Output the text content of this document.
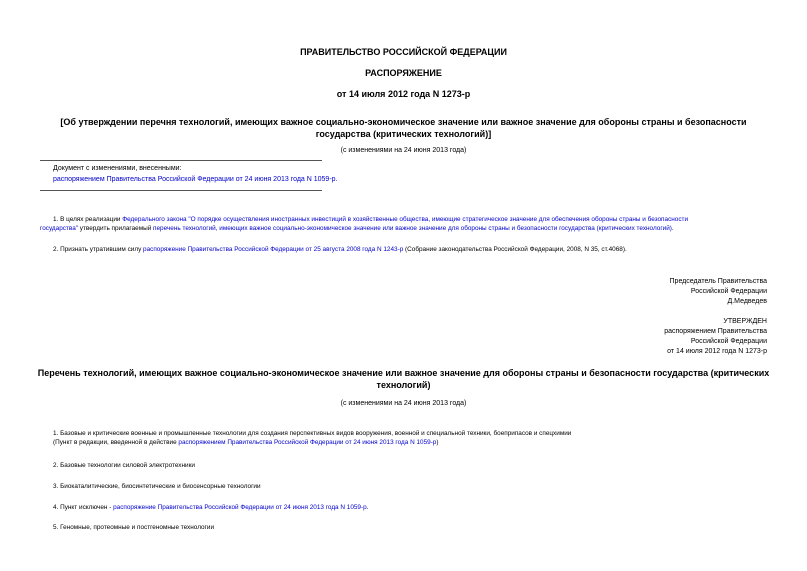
ПРАВИТЕЛЬСТВО РОССИЙСКОЙ ФЕДЕРАЦИИ
РАСПОРЯЖЕНИЕ
от 14 июля 2012 года N 1273-р
[Об утверждении перечня технологий, имеющих важное социально-экономическое значение или важное значение для обороны страны и безопасности
государства (критических технологий)]
(с изменениями на 24 июня 2013 года)
Документ с изменениями, внесенными:
распоряжением Правительства Российской Федерации от 24 июня 2013 года N 1059-р.
1. В целях реализации Федерального закона "О порядке осуществления иностранных инвестиций в хозяйственные общества, имеющие стратегическое значение для обеспечения обороны страны и безопасности
государства" утвердить прилагаемый перечень технологий, имеющих важное социально-экономическое значение или важное значение для обороны страны и безопасности государства (критических технологий).
2. Признать утратившим силу распоряжение Правительства Российской Федерации от 25 августа 2008 года N 1243-р (Собрание законодательства Российской Федерации, 2008, N 35, ст.4068).
Председатель Правительства
Российской Федерации
Д.Медведев
УТВЕРЖДЕН
распоряжением Правительства
Российской Федерации
от 14 июля 2012 года N 1273-р
Перечень технологий, имеющих важное социально-экономическое значение или важное значение для обороны страны и безопасности государства (критических
технологий)
(с изменениями на 24 июня 2013 года)
1. Базовые и критические военные и промышленные технологии для создания перспективных видов вооружения, военной и специальной техники, боеприпасов и спецхимии
(Пункт в редакции, введенной в действие распоряжением Правительства Российской Федерации от 24 июня 2013 года N 1059-р)
2. Базовые технологии силовой электротехники
3. Биокаталитические, биосинтетические и биосенсорные технологии
4. Пункт исключен - распоряжение Правительства Российской Федерации от 24 июня 2013 года N 1059-р.
5. Геномные, протеомные и постгеномные технологии
